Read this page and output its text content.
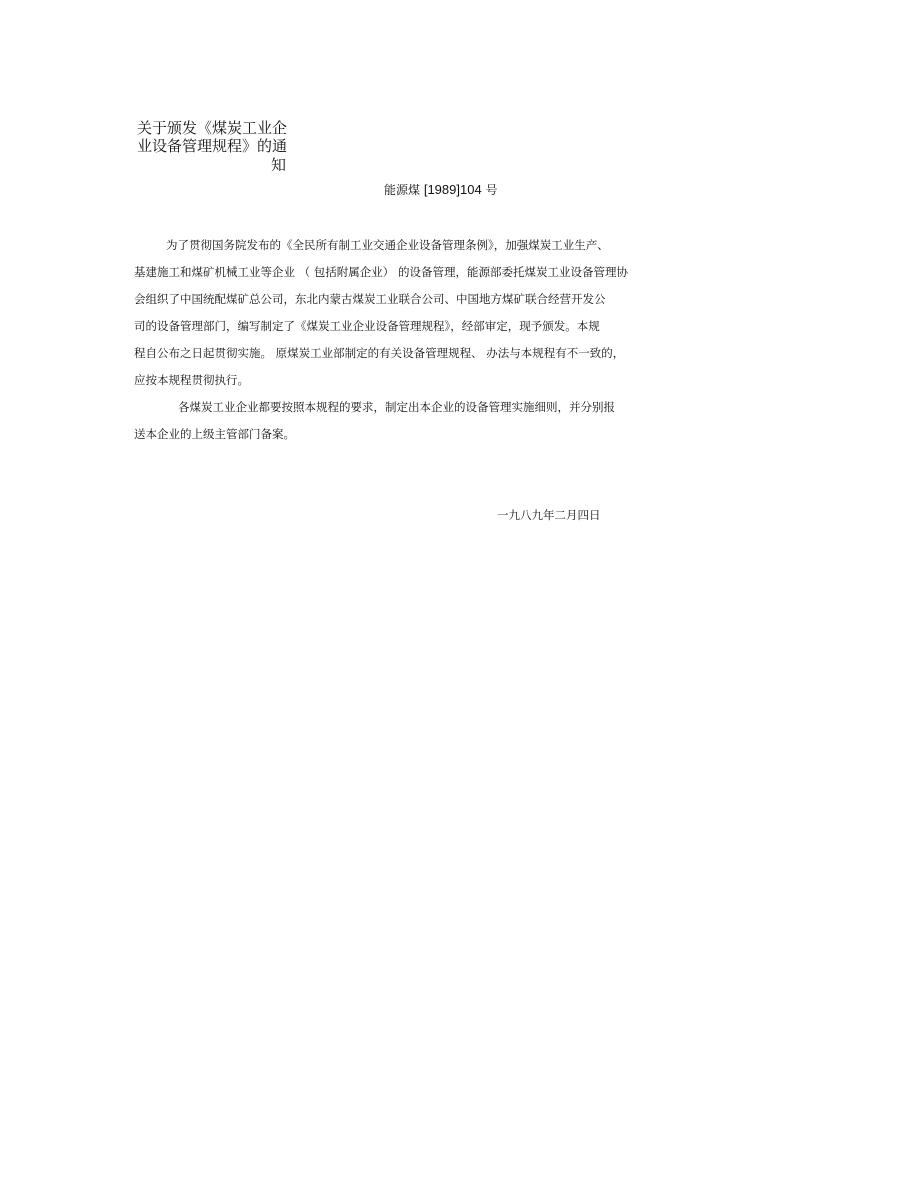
关于颁发《煤炭工业企
业设备管理规程》的通
知
能源煤 [1989]104 号
为了贯彻国务院发布的《全民所有制工业交通企业设备管理条例》，加强煤炭工业生产、
基建施工和煤矿机械工业等企业 （ 包括附属企业） 的设备管理，能源部委托煤炭工业设备管理协
会组织了中国统配煤矿总公司，东北内蒙古煤炭工业联合公司、中国地方煤矿联合经营开发公
司的设备管理部门，编写制定了《煤炭工业企业设备管理规程》，经部审定，现予颁发。本规
程自公布之日起贯彻实施。 原煤炭工业部制定的有关设备管理规程、 办法与本规程有不一致的，
应按本规程贯彻执行。
各煤炭工业企业都要按照本规程的要求，制定出本企业的设备管理实施细则，并分别报
送本企业的上级主管部门备案。
一九八九年二月四日
